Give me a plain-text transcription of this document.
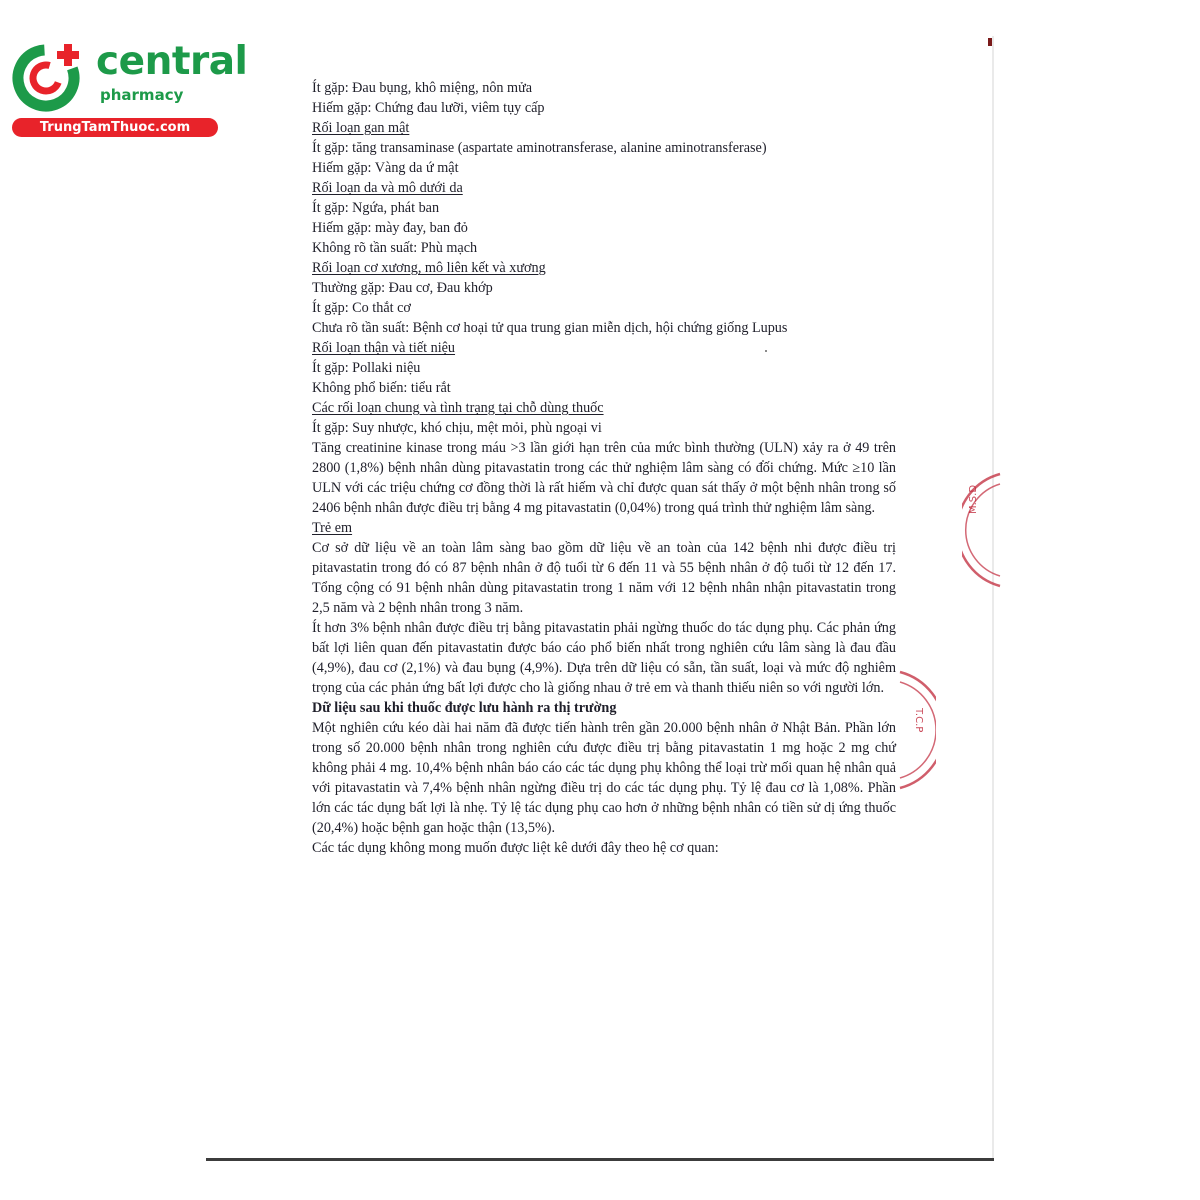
central
pharmacy
TrungTamThuoc.com
M.S.D
T.C.P

Ít gặp: Đau bụng, khô miệng, nôn mửa

Hiếm gặp: Chứng đau lưỡi, viêm tụy cấp

Rối loạn gan mật

Ít gặp: tăng transaminase (aspartate aminotransferase, alanine aminotransferase)

Hiếm gặp: Vàng da ứ mật

Rối loạn da và mô dưới da

Ít gặp: Ngứa, phát ban

Hiếm gặp: mày đay, ban đỏ

Không rõ tần suất: Phù mạch

Rối loạn cơ xương, mô liên kết và xương

Thường gặp: Đau cơ, Đau khớp

Ít gặp: Co thắt cơ

Chưa rõ tần suất: Bệnh cơ hoại tử qua trung gian miễn dịch, hội chứng giống Lupus

Rối loạn thận và tiết niệu

Ít gặp: Pollaki niệu

Không phổ biến: tiểu rắt

Các rối loạn chung và tình trạng tại chỗ dùng thuốc

Ít gặp: Suy nhược, khó chịu, mệt mỏi, phù ngoại vi

Tăng creatinine kinase trong máu >3 lần giới hạn trên của mức bình thường (ULN) xảy ra ở 49 trên 2800 (1,8%) bệnh nhân dùng pitavastatin trong các thử nghiệm lâm sàng có đối chứng. Mức ≥10 lần ULN với các triệu chứng cơ đồng thời là rất hiếm và chỉ được quan sát thấy ở một bệnh nhân trong số 2406 bệnh nhân được điều trị bằng 4 mg pitavastatin (0,04%) trong quá trình thử nghiệm lâm sàng.

Trẻ em

Cơ sở dữ liệu về an toàn lâm sàng bao gồm dữ liệu về an toàn của 142 bệnh nhi được điều trị pitavastatin trong đó có 87 bệnh nhân ở độ tuổi từ 6 đến 11 và 55 bệnh nhân ở độ tuổi từ 12 đến 17. Tổng cộng có 91 bệnh nhân dùng pitavastatin trong 1 năm với 12 bệnh nhân nhận pitavastatin trong 2,5 năm và 2 bệnh nhân trong 3 năm.

Ít hơn 3% bệnh nhân được điều trị bằng pitavastatin phải ngừng thuốc do tác dụng phụ. Các phản ứng bất lợi liên quan đến pitavastatin được báo cáo phổ biến nhất trong nghiên cứu lâm sàng là đau đầu (4,9%), đau cơ (2,1%) và đau bụng (4,9%). Dựa trên dữ liệu có sẵn, tần suất, loại và mức độ nghiêm trọng của các phản ứng bất lợi được cho là giống nhau ở trẻ em và thanh thiếu niên so với người lớn.

Dữ liệu sau khi thuốc được lưu hành ra thị trường

Một nghiên cứu kéo dài hai năm đã được tiến hành trên gần 20.000 bệnh nhân ở Nhật Bản. Phần lớn trong số 20.000 bệnh nhân trong nghiên cứu được điều trị bằng pitavastatin 1 mg hoặc 2 mg chứ không phải 4 mg. 10,4% bệnh nhân báo cáo các tác dụng phụ không thể loại trừ mối quan hệ nhân quả với pitavastatin và 7,4% bệnh nhân ngừng điều trị do các tác dụng phụ. Tỷ lệ đau cơ là 1,08%. Phần lớn các tác dụng bất lợi là nhẹ. Tỷ lệ tác dụng phụ cao hơn ở những bệnh nhân có tiền sử dị ứng thuốc (20,4%) hoặc bệnh gan hoặc thận (13,5%).

Các tác dụng không mong muốn được liệt kê dưới đây theo hệ cơ quan:
